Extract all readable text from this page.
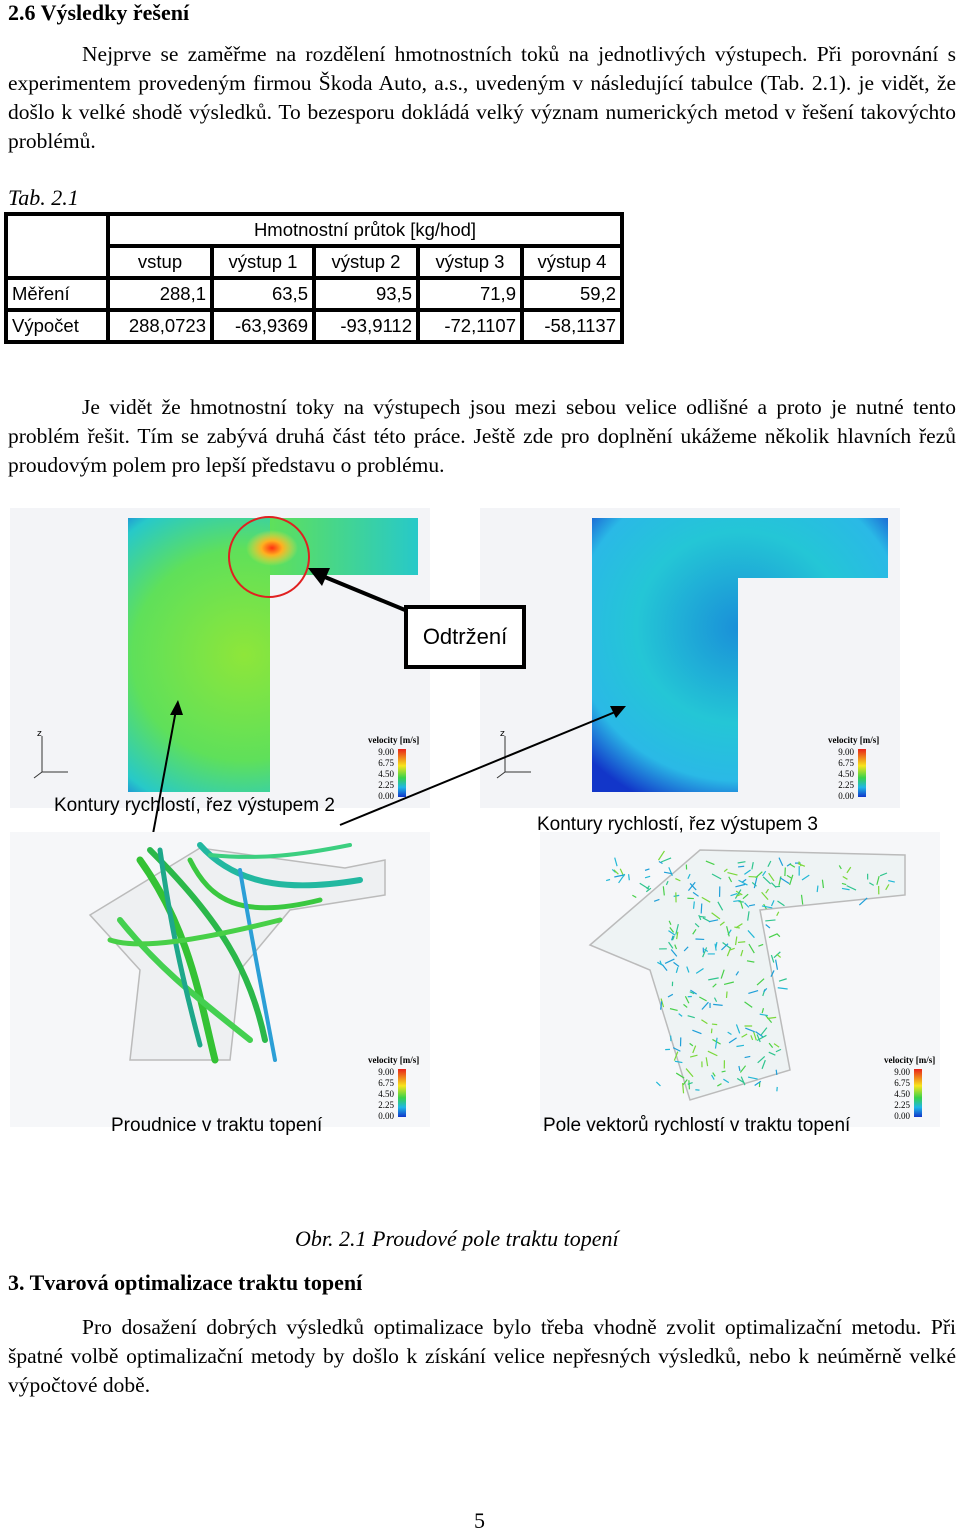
2.6 Výsledky řešení

Nejprve se zaměřme na rozdělení hmotnostních toků na jednotlivých výstupech. Při porovnání s experimentem provedeným firmou Škoda Auto, a.s., uvedeným v následující tabulce (Tab. 2.1). je vidět, že došlo k velké shodě výsledků. To bezesporu dokládá velký význam numerických metod v řešení takovýchto problémů.

Tab. 2.1
	Hmotnostní průtok [kg/hod]				
	vstup	výstup 1	výstup 2	výstup 3	výstup 4
Měření	288,1	63,5	93,5	71,9	59,2
Výpočet	288,0723	-63,9369	-93,9112	-72,1107	-58,1137

Je vidět že hmotnostní toky na výstupech jsou mezi sebou velice odlišné a proto je nutné tento problém řešit. Tím se zabývá druhá část této práce. Ještě zde pro doplnění ukážeme několik hlavních řezů proudovým polem pro lepší představu o problému.

z	z
Odtržení
velocity [m/s]
9.00
6.75
4.50
2.25
0.00
velocity [m/s]
9.00
6.75
4.50
2.25
0.00
velocity [m/s]
9.00
6.75
4.50
2.25
0.00
velocity [m/s]
9.00
6.75
4.50
2.25
0.00
Kontury rychlostí, řez výstupem 2
Kontury rychlostí, řez výstupem 3
Proudnice v traktu topení	Pole vektorů rychlostí v traktu topení
Obr. 2.1 Proudové pole traktu topení
3. Tvarová optimalizace traktu topení

Pro dosažení dobrých výsledků optimalizace bylo třeba vhodně zvolit optimalizační metodu. Při špatné volbě optimalizační metody by došlo k získání velice nepřesných výsledků, nebo k neúměrně velké výpočtové době.

5
